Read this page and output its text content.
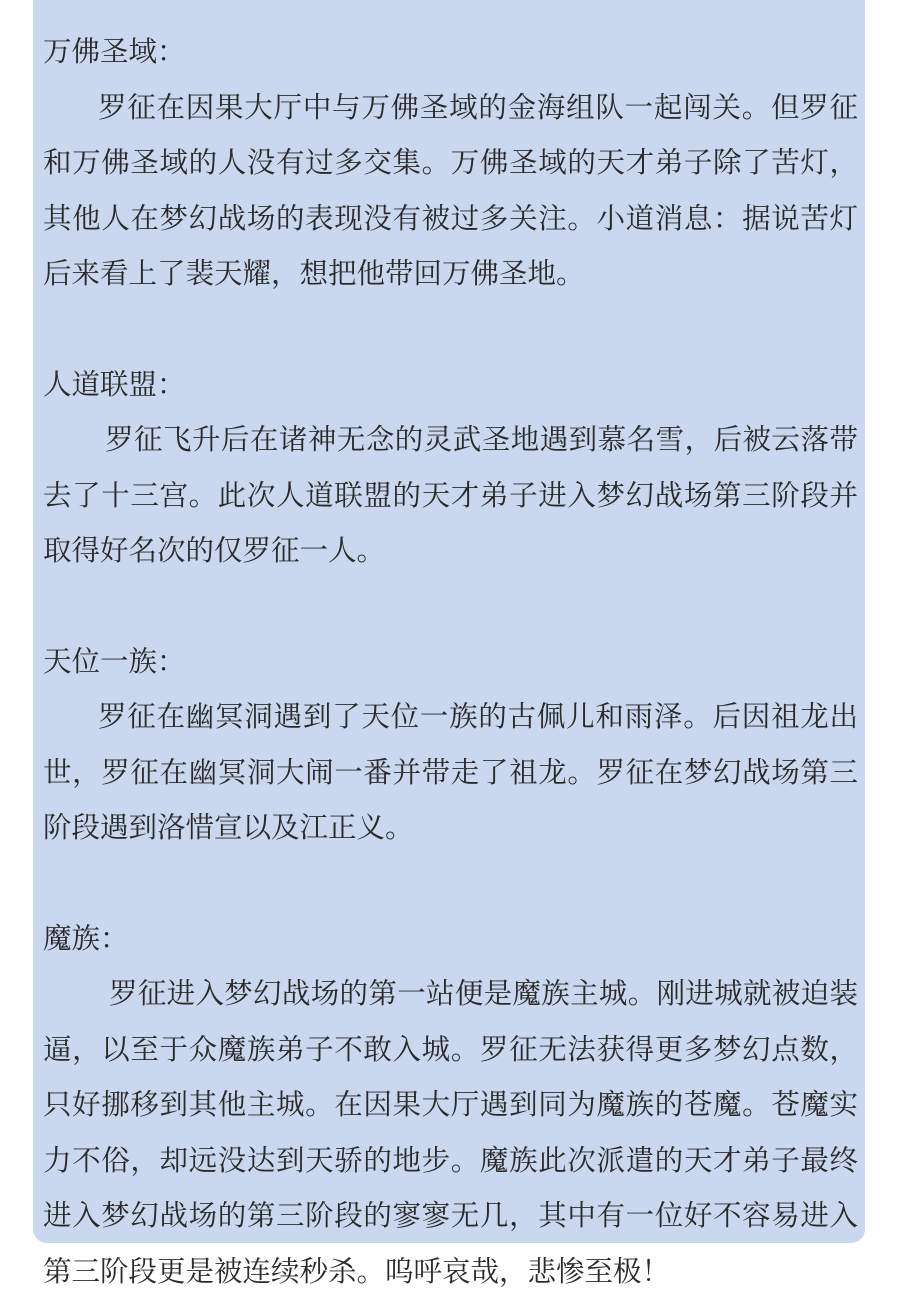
万佛圣域：

罗征在因果大厅中与万佛圣域的金海组队一起闯关。但罗征和万佛圣域的人没有过多交集。万佛圣域的天才弟子除了苦灯，其他人在梦幻战场的表现没有被过多关注。小道消息：据说苦灯后来看上了裴天耀，想把他带回万佛圣地。

人道联盟：

罗征飞升后在诸神无念的灵武圣地遇到慕名雪，后被云落带去了十三宫。此次人道联盟的天才弟子进入梦幻战场第三阶段并取得好名次的仅罗征一人。

天位一族：

罗征在幽冥洞遇到了天位一族的古佩儿和雨泽。后因祖龙出世，罗征在幽冥洞大闹一番并带走了祖龙。罗征在梦幻战场第三阶段遇到洛惜宣以及江正义。

魔族：

罗征进入梦幻战场的第一站便是魔族主城。刚进城就被迫装逼，以至于众魔族弟子不敢入城。罗征无法获得更多梦幻点数，只好挪移到其他主城。在因果大厅遇到同为魔族的苍魔。苍魔实力不俗，却远没达到天骄的地步。魔族此次派遣的天才弟子最终进入梦幻战场的第三阶段的寥寥无几，其中有一位好不容易进入第三阶段更是被连续秒杀。呜呼哀哉，悲惨至极！
